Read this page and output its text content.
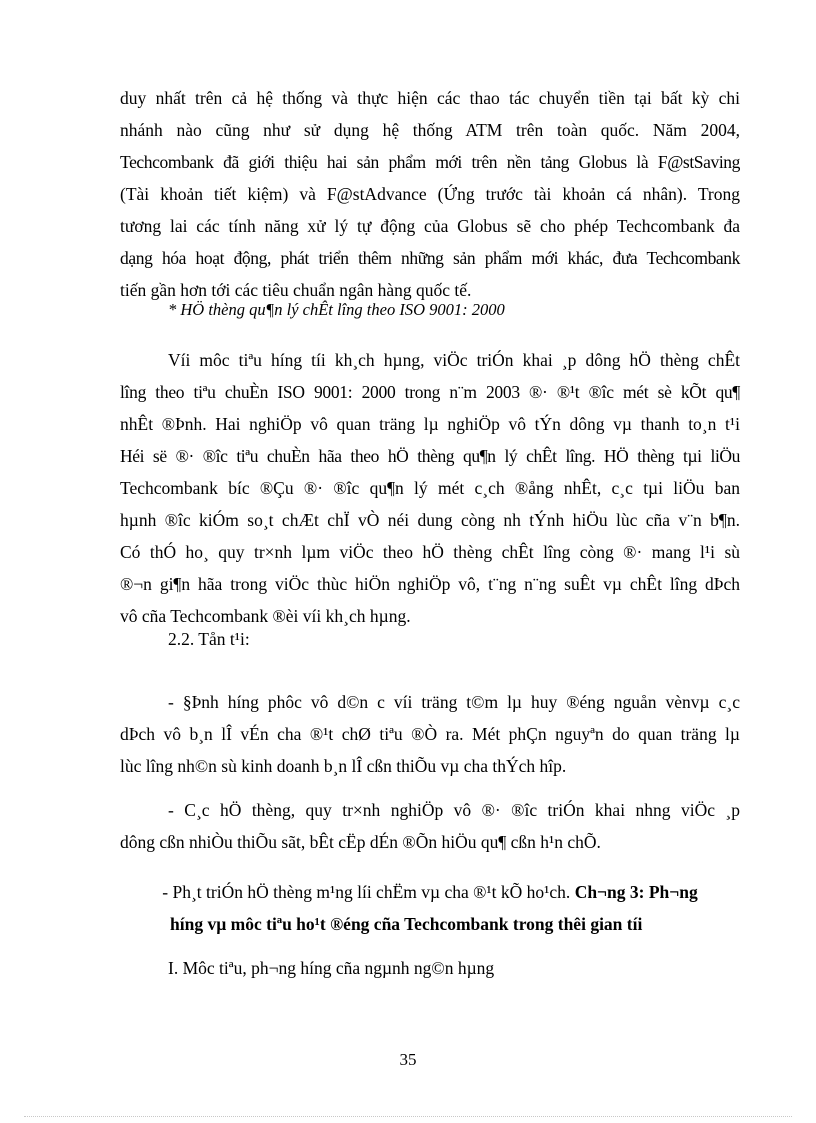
duy nhất trên cả hệ thống và thực hiện các thao tác chuyển tiền tại bất kỳ chi
nhánh nào cũng như sử dụng hệ thống ATM trên toàn quốc. Năm 2004,
Techcombank đã giới thiệu hai sản phẩm mới trên nền tảng Globus là F@stSaving
(Tài khoản tiết kiệm) và F@stAdvance (Ứng trước tài khoản cá nhân). Trong
tương lai các tính năng xử lý tự động của Globus sẽ cho phép Techcombank đa
dạng hóa hoạt động, phát triển thêm những sản phẩm mới khác, đưa Techcombank
tiến gần hơn tới các tiêu chuẩn ngân hàng quốc tế.
* HÖ thèng qu¶n lý chÊt lîng theo ISO 9001: 2000
Víi môc tiªu híng tíi kh¸ch hµng, viÖc triÓn khai ¸p dông hÖ thèng chÊt
lîng theo tiªu chuÈn ISO 9001: 2000 trong n¨m 2003 ®· ®¹t ®îc mét sè kÕt qu¶
nhÊt ®Þnh. Hai nghiÖp vô quan träng lµ nghiÖp vô tÝn dông vµ thanh to¸n t¹i
Héi së ®· ®îc tiªu chuÈn hãa theo hÖ thèng qu¶n lý chÊt lîng. HÖ thèng tµi liÖu
Techcombank bíc ®Çu ®· ®îc qu¶n lý mét c¸ch ®ång nhÊt, c¸c tµi liÖu ban
hµnh ®îc kiÓm so¸t chÆt chÏ vÒ néi dung còng nh tÝnh hiÖu lùc cña v¨n b¶n.
Có thÓ ho¸ quy tr×nh lµm viÖc theo hÖ thèng chÊt lîng còng ®· mang l¹i sù
®¬n gi¶n hãa trong viÖc thùc hiÖn nghiÖp vô, t¨ng n¨ng suÊt vµ chÊt lîng dÞch
vô cña Techcombank ®èi víi kh¸ch hµng.
2.2. Tån t¹i:
- §Þnh híng phôc vô d©n c víi träng t©m lµ huy ®éng nguån vènvµ c¸c
dÞch vô b¸n lÎ vÉn cha ®¹t chØ tiªu ®Ò ra. Mét phÇn nguyªn do quan träng lµ
lùc lîng nh©n sù kinh doanh b¸n lÎ cßn thiÕu vµ cha thÝch hîp.
- C¸c hÖ thèng, quy tr×nh nghiÖp vô ®· ®îc triÓn khai nhng viÖc ¸p
dông cßn nhiÒu thiÕu sãt, bÊt cËp dÉn ®Õn hiÖu qu¶ cßn h¹n chÕ.
- Ph¸t triÓn hÖ thèng m¹ng líi chËm vµ cha ®¹t kÕ ho¹ch. Ch¬ng 3: Ph¬ng
híng vµ môc tiªu ho¹t ®éng cña Techcombank trong thêi gian tíi
I. Môc tiªu, ph¬ng híng cña ngµnh ng©n hµng
35
